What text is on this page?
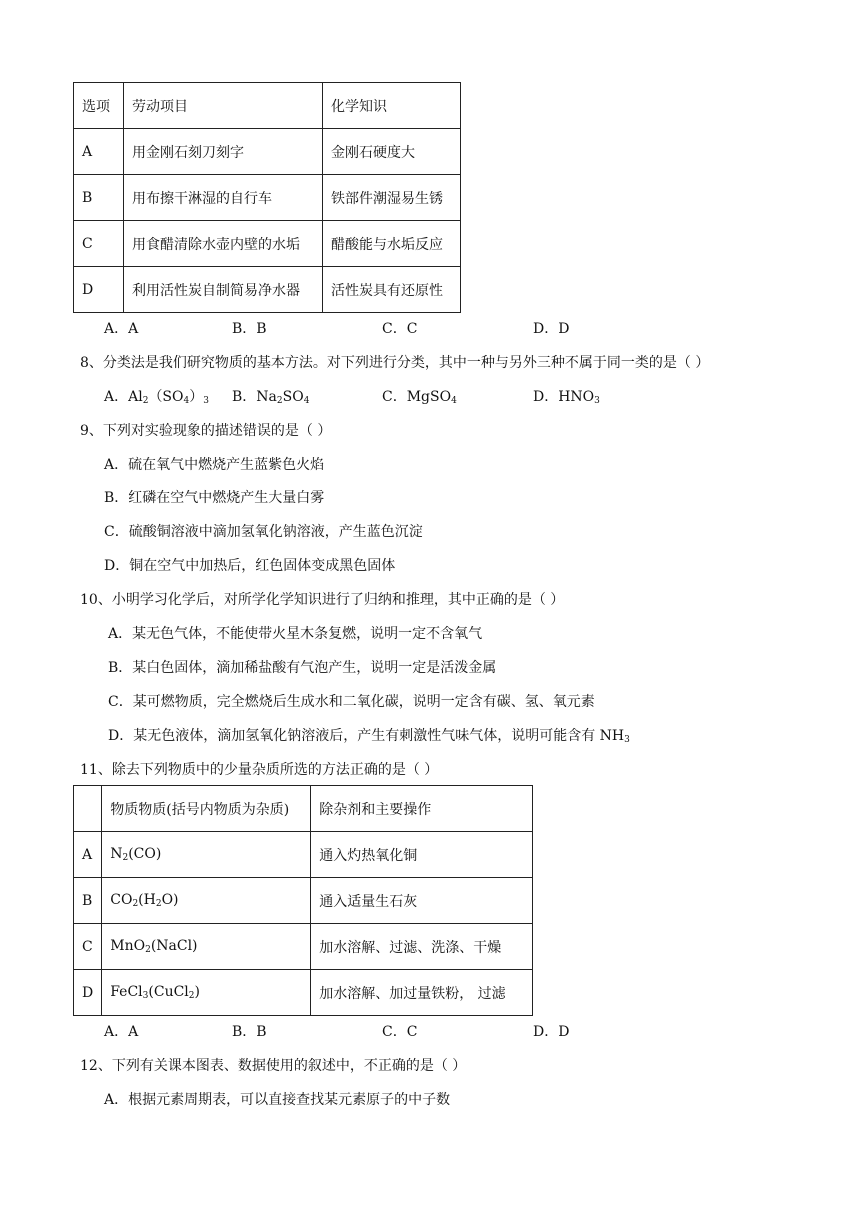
选项	劳动项目	化学知识
A	用金刚石刻刀刻字	金刚石硬度大
B	用布擦干淋湿的自行车	铁部件潮湿易生锈
C	用食醋清除水壶内壁的水垢	醋酸能与水垢反应
D	利用活性炭自制简易净水器	活性炭具有还原性
A．A	B．B	C．C	D．D
8、分类法是我们研究物质的基本方法。对下列进行分类，其中一种与另外三种不属于同一类的是（ ）
A．$Al_2(SO_4)_3$ B．$Na_2SO_4$	C．MgSO$_4$	D．$HNO_3$
9、下列对实验现象的描述错误的是（ ）
A．硫在氧气中燃烧产生蓝紫色火焰
B．红磷在空气中燃烧产生大量白雾
C．硫酸铜溶液中滴加氢氧化钠溶液，产生蓝色沉淀
D．铜在空气中加热后，红色固体变成黑色固体
10、小明学习化学后，对所学化学知识进行了归纳和推理，其中正确的是（ ）
A．某无色气体，不能使带火星木条复燃，说明一定不含氧气
B．某白色固体，滴加稀盐酸有气泡产生，说明一定是活泼金属
C．某可燃物质，完全燃烧后生成水和二氧化碳，说明一定含有碳、氢、氧元素
D．某无色液体，滴加氢氧化钠溶液后，产生有刺激性气味气体，说明可能含有 $NH_3$
11、除去下列物质中的少量杂质所选的方法正确的是（ ）
	物质物质(括号内物质为杂质)	除杂剂和主要操作
A	$N_2(CO)$	通入灼热氧化铜
B	$CO_2(H_2O)$	通入适量生石灰
C	MnO$_2$(NaCl)	加水溶解、过滤、洗涤、干燥
D	FeCl$_3$(CuCl$_2$)	加水溶解、加过量铁粉， 过滤
A．A	B．B	C．C	D．D
12、下列有关课本图表、数据使用的叙述中，不正确的是（ ）
A．根据元素周期表，可以直接查找某元素原子的中子数
